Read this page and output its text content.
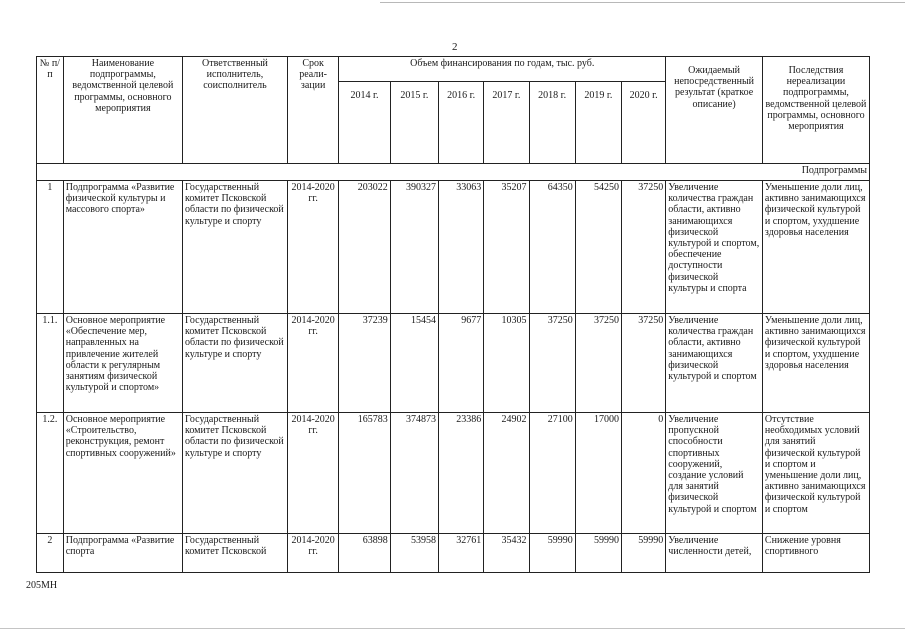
2
№ п/п	Наименование подпрограммы, ведомственной целевой программы, основного мероприятия	Ответственный исполнитель, соисполнитель	Срок реали-зации	Объем финансирования по годам, тыс. руб.							Ожидаемый непосредственный результат (краткое описание)	Последствия нереализации подпрограммы, ведомственной целевой программы, основного мероприятия
				2014 г.	2015 г.	2016 г.	2017 г.	2018 г.	2019 г.	2020 г.		
Подпрограммы												
1	Подпрограмма «Развитие физической культуры и массового спорта»	Государственный комитет Псковской области по физической культуре и спорту	2014-2020 гг.	203022	390327	33063	35207	64350	54250	37250	Увеличение количества граждан области, активно занимающихся физической культурой и спортом, обеспечение доступности физической культуры и спорта	Уменьшение доли лиц, активно занимающихся физической культурой и спортом, ухудшение здоровья населения
1.1.	Основное мероприятие «Обеспечение мер, направленных на привлечение жителей области к регулярным занятиям физической культурой и спортом»	Государственный комитет Псковской области по физической культуре и спорту	2014-2020 гг.	37239	15454	9677	10305	37250	37250	37250	Увеличение количества граждан области, активно занимающихся физической культурой и спортом	Уменьшение доли лиц, активно занимающихся физической культурой и спортом, ухудшение здоровья населения
1.2.	Основное мероприятие «Строительство, реконструкция, ремонт спортивных сооружений»	Государственный комитет Псковской области по физической культуре и спорту	2014-2020 гг.	165783	374873	23386	24902	27100	17000	0	Увеличение пропускной способности спортивных сооружений, создание условий для занятий физической культурой и спортом	Отсутствие необходимых условий для занятий физической культурой и спортом и уменьшение доли лиц, активно занимающихся физической культурой и спортом
2	Подпрограмма «Развитие спорта	Государственный комитет Псковской	2014-2020 гг.	63898	53958	32761	35432	59990	59990	59990	Увеличение численности детей,	Снижение уровня спортивного
205МН
